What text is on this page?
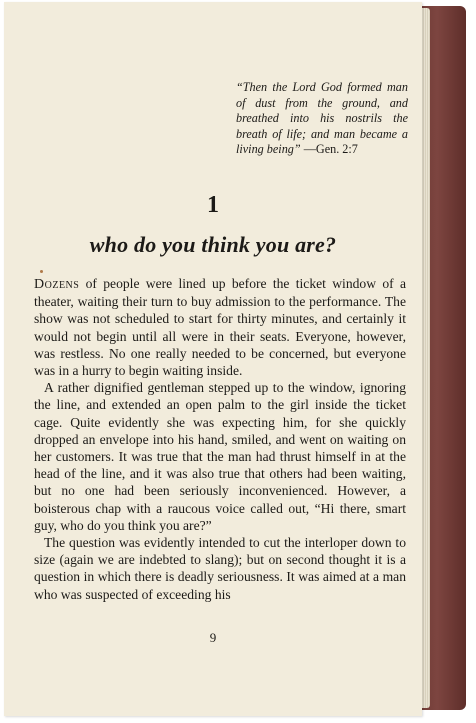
“Then the Lord God formed man of dust from the ground, and breathed into his nostrils the breath of life; and man became a living being” —Gen. 2:7
1
who do you think you are?

Dozens of people were lined up before the ticket window of a theater, waiting their turn to buy admission to the performance. The show was not scheduled to start for thirty minutes, and certainly it would not begin until all were in their seats. Everyone, however, was restless. No one really needed to be concerned, but everyone was in a hurry to begin waiting inside.

A rather dignified gentleman stepped up to the window, ignoring the line, and extended an open palm to the girl inside the ticket cage. Quite evidently she was expecting him, for she quickly dropped an envelope into his hand, smiled, and went on waiting on her customers. It was true that the man had thrust himself in at the head of the line, and it was also true that others had been waiting, but no one had been seriously inconvenienced. However, a boisterous chap with a raucous voice called out, “Hi there, smart guy, who do you think you are?”

The question was evidently intended to cut the interloper down to size (again we are indebted to slang); but on second thought it is a question in which there is deadly seriousness. It was aimed at a man who was suspected of exceeding his

9
